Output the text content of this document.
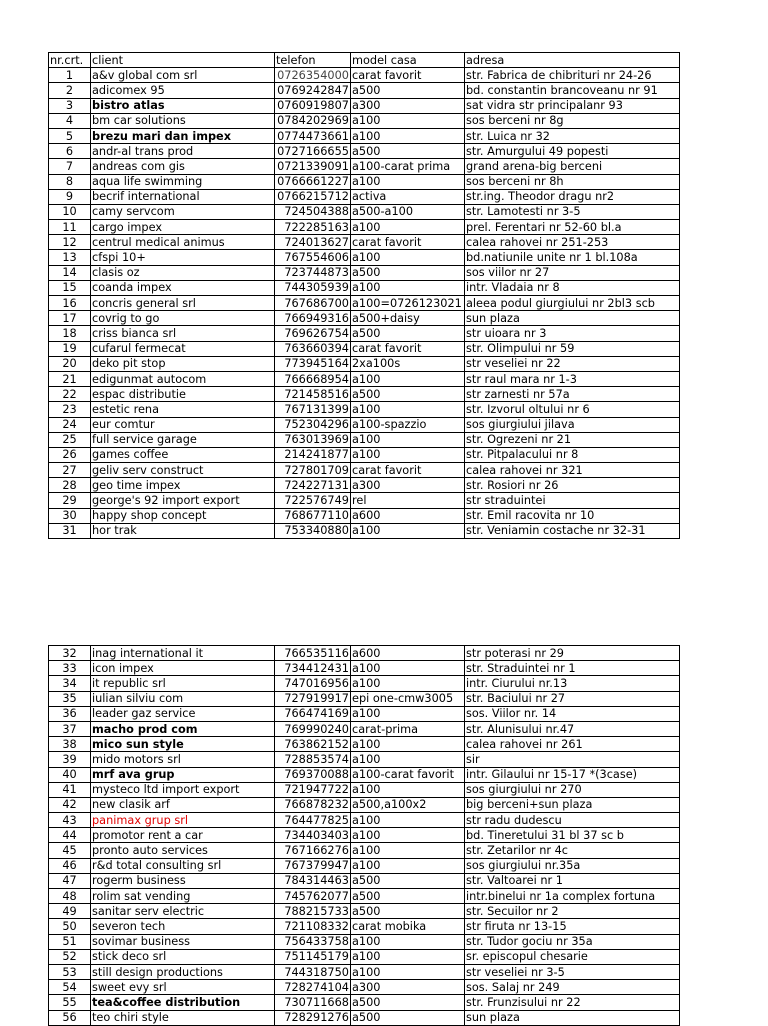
nr.crt.	client	telefon	model casa	adresa
1	a&v global com srl	0726354000	carat favorit	str. Fabrica de chibrituri nr 24-26
2	adicomex 95	0769242847	a500	bd. constantin brancoveanu nr 91
3	bistro atlas	0760919807	a300	sat vidra str principalanr 93
4	bm car solutions	0784202969	a100	sos berceni nr 8g
5	brezu mari dan impex	0774473661	a100	str. Luica nr 32
6	andr-al trans prod	0727166655	a500	str. Amurgului 49 popesti
7	andreas com gis	0721339091	a100-carat prima	grand arena-big berceni
8	aqua life swimming	0766661227	a100	sos berceni nr 8h
9	becrif international	0766215712	activa	str.ing. Theodor dragu nr2
10	camy servcom	724504388	a500-a100	str. Lamotesti nr 3-5
11	cargo impex	722285163	a100	prel. Ferentari nr 52-60 bl.a
12	centrul medical animus	724013627	carat favorit	calea rahovei nr 251-253
13	cfspi 10+	767554606	a100	bd.natiunile unite nr 1 bl.108a
14	clasis oz	723744873	a500	sos viilor nr 27
15	coanda impex	744305939	a100	intr. Vladaia nr 8
16	concris general srl	767686700	a100=0726123021	aleea podul giurgiului nr 2bl3 scb
17	covrig to go	766949316	a500+daisy	sun plaza
18	criss bianca srl	769626754	a500	str uioara nr 3
19	cufarul fermecat	763660394	carat favorit	str. Olimpului nr 59
20	deko pit stop	773945164	2xa100s	str veseliei nr 22
21	edigunmat autocom	766668954	a100	str raul mara nr 1-3
22	espac distributie	721458516	a500	str zarnesti nr 57a
23	estetic rena	767131399	a100	str. Izvorul oltului nr 6
24	eur comtur	752304296	a100-spazzio	sos giurgiului jilava
25	full service garage	763013969	a100	str. Ogrezeni nr 21
26	games coffee	214241877	a100	str. Pitpalacului nr 8
27	geliv serv construct	727801709	carat favorit	calea rahovei nr 321
28	geo time impex	724227131	a300	str. Rosiori nr 26
29	george's 92 import export	722576749	rel	str straduintei
30	happy shop concept	768677110	a600	str. Emil racovita nr 10
31	hor trak	753340880	a100	str. Veniamin costache nr 32-31
32	inag international it	766535116	a600	str poterasi nr 29
33	icon impex	734412431	a100	str. Straduintei nr 1
34	it republic srl	747016956	a100	intr. Ciurului nr.13
35	iulian silviu com	727919917	epi one-cmw3005	str. Baciului nr 27
36	leader gaz service	766474169	a100	sos. Viilor nr. 14
37	macho prod com	769990240	carat-prima	str. Alunisului nr.47
38	mico sun style	763862152	a100	calea rahovei nr 261
39	mido motors srl	728853574	a100	sir
40	mrf ava grup	769370088	a100-carat favorit	intr. Gilaului nr 15-17 *(3case)
41	mysteco ltd import export	721947722	a100	sos giurgiului nr 270
42	new clasik arf	766878232	a500,a100x2	big berceni+sun plaza
43	panimax grup srl	764477825	a100	str radu dudescu
44	promotor rent a car	734403403	a100	bd. Tineretului 31 bl 37 sc b
45	pronto auto services	767166276	a100	str. Zetarilor nr 4c
46	r&d total consulting srl	767379947	a100	sos giurgiului nr.35a
47	rogerm business	784314463	a500	str. Valtoarei nr 1
48	rolim sat vending	745762077	a500	intr.binelui nr 1a complex fortuna
49	sanitar serv electric	788215733	a500	str. Secuilor nr 2
50	severon tech	721108332	carat mobika	str firuta nr 13-15
51	sovimar business	756433758	a100	str. Tudor gociu nr 35a
52	stick deco srl	751145179	a100	sr. episcopul chesarie
53	still design productions	744318750	a100	str veseliei nr 3-5
54	sweet evy srl	728274104	a300	sos. Salaj nr 249
55	tea&coffee distribution	730711668	a500	str. Frunzisului nr 22
56	teo chiri style	728291276	a500	sun plaza
